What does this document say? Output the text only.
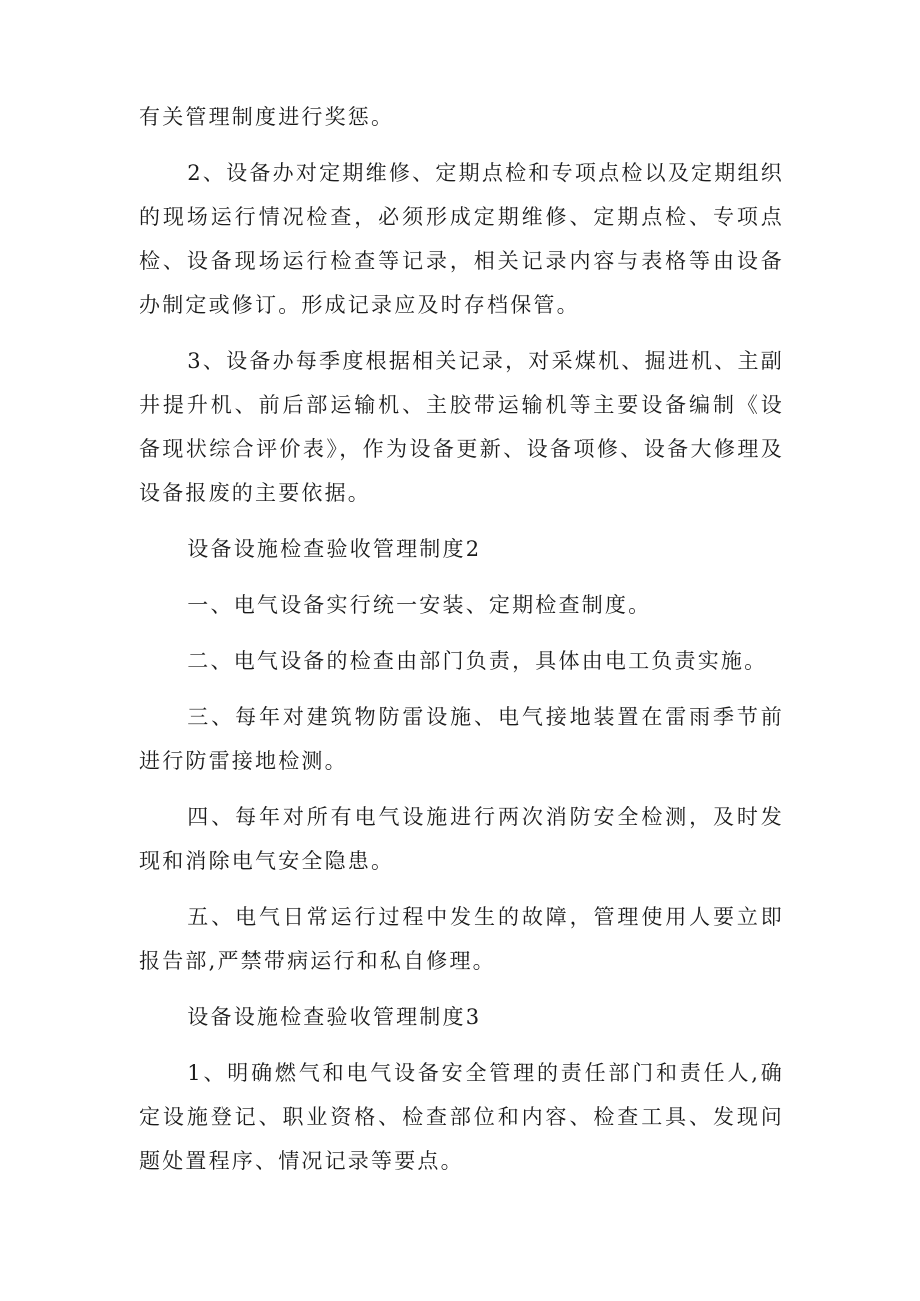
有关管理制度进行奖惩。

2、设备办对定期维修、定期点检和专项点检以及定期组织的现场运行情况检查，必须形成定期维修、定期点检、专项点检、设备现场运行检查等记录，相关记录内容与表格等由设备办制定或修订。形成记录应及时存档保管。

3、设备办每季度根据相关记录，对采煤机、掘进机、主副井提升机、前后部运输机、主胶带运输机等主要设备编制《设备现状综合评价表》，作为设备更新、设备项修、设备大修理及设备报废的主要依据。

设备设施检查验收管理制度2

一、电气设备实行统一安装、定期检查制度。

二、电气设备的检查由部门负责，具体由电工负责实施。

三、每年对建筑物防雷设施、电气接地装置在雷雨季节前进行防雷接地检测。

四、每年对所有电气设施进行两次消防安全检测，及时发现和消除电气安全隐患。

五、电气日常运行过程中发生的故障，管理使用人要立即报告部,严禁带病运行和私自修理。

设备设施检查验收管理制度3

1、明确燃气和电气设备安全管理的责任部门和责任人,确定设施登记、职业资格、检查部位和内容、检查工具、发现问题处置程序、情况记录等要点。
